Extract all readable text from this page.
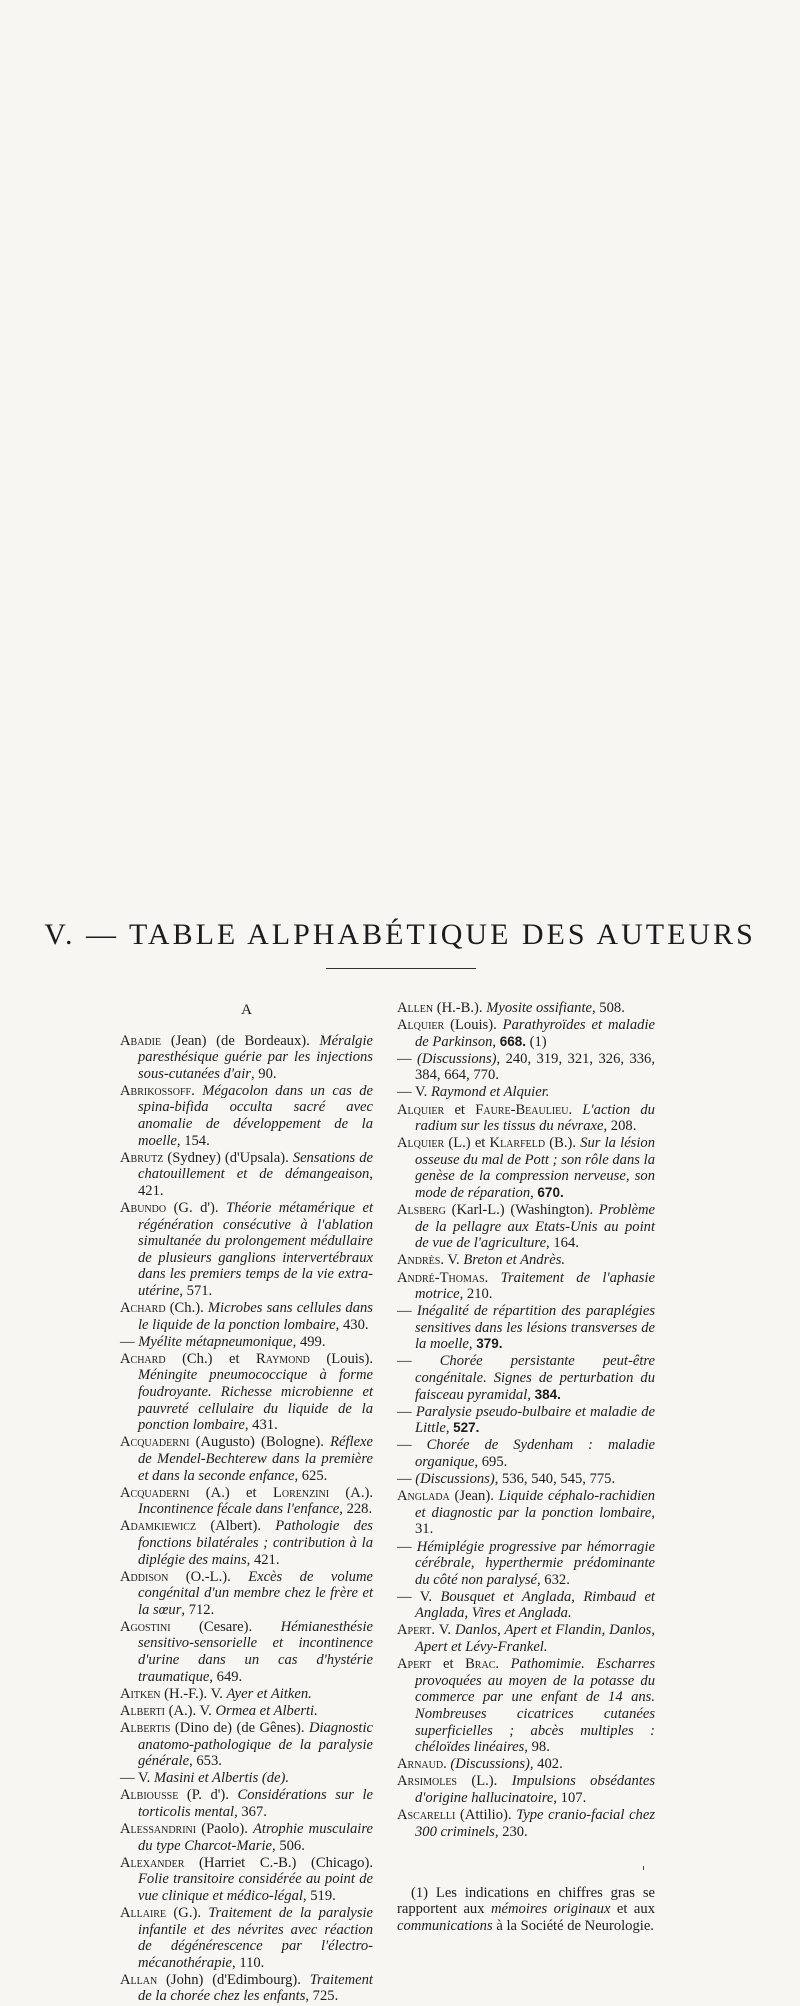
V. — TABLE ALPHABÉTIQUE DES AUTEURS
A

Abadie (Jean) (de Bordeaux). Méralgie paresthésique guérie par les injections sous-cutanées d'air, 90.

Abrikossoff. Mégacolon dans un cas de spina-bifida occulta sacré avec anomalie de développement de la moelle, 154.

Abrutz (Sydney) (d'Upsala). Sensations de chatouillement et de démangeaison, 421.

Abundo (G. d'). Théorie métamérique et régénération consécutive à l'ablation simultanée du prolongement médullaire de plusieurs ganglions intervertébraux dans les premiers temps de la vie extra-utérine, 571.

Achard (Ch.). Microbes sans cellules dans le liquide de la ponction lombaire, 430.

— Myélite métapneumonique, 499.

Achard (Ch.) et Raymond (Louis). Méningite pneumococcique à forme foudroyante. Richesse microbienne et pauvreté cellulaire du liquide de la ponction lombaire, 431.

Acquaderni (Augusto) (Bologne). Réflexe de Mendel-Bechterew dans la première et dans la seconde enfance, 625.

Acquaderni (A.) et Lorenzini (A.). Incontinence fécale dans l'enfance, 228.

Adamkiewicz (Albert). Pathologie des fonctions bilatérales ; contribution à la diplégie des mains, 421.

Addison (O.-L.). Excès de volume congénital d'un membre chez le frère et la sœur, 712.

Agostini (Cesare). Hémianesthésie sensitivo-sensorielle et incontinence d'urine dans un cas d'hystérie traumatique, 649.

Aitken (H.-F.). V. Ayer et Aitken.

Alberti (A.). V. Ormea et Alberti.

Albertis (Dino de) (de Gênes). Diagnostic anatomo-pathologique de la paralysie générale, 653.

— V. Masini et Albertis (de).

Albiousse (P. d'). Considérations sur le torticolis mental, 367.

Alessandrini (Paolo). Atrophie musculaire du type Charcot-Marie, 506.

Alexander (Harriet C.-B.) (Chicago). Folie transitoire considérée au point de vue clinique et médico-légal, 519.

Allaire (G.). Traitement de la paralysie infantile et des névrites avec réaction de dégénérescence par l'électro-mécanothérapie, 110.

Allan (John) (d'Edimbourg). Traitement de la chorée chez les enfants, 725.

Allen (H.-B.). Myosite ossifiante, 508.

Alquier (Louis). Parathyroïdes et maladie de Parkinson, 668. (1)

— (Discussions), 240, 319, 321, 326, 336, 384, 664, 770.

— V. Raymond et Alquier.

Alquier et Faure-Beaulieu. L'action du radium sur les tissus du névraxe, 208.

Alquier (L.) et Klarfeld (B.). Sur la lésion osseuse du mal de Pott ; son rôle dans la genèse de la compression nerveuse, son mode de réparation, 670.

Alsberg (Karl-L.) (Washington). Problème de la pellagre aux Etats-Unis au point de vue de l'agriculture, 164.

Andrès. V. Breton et Andrès.

André-Thomas. Traitement de l'aphasie motrice, 210.

— Inégalité de répartition des paraplégies sensitives dans les lésions transverses de la moelle, 379.

— Chorée persistante peut-être congénitale. Signes de perturbation du faisceau pyramidal, 384.

— Paralysie pseudo-bulbaire et maladie de Little, 527.

— Chorée de Sydenham : maladie organique, 695.

— (Discussions), 536, 540, 545, 775.

Anglada (Jean). Liquide céphalo-rachidien et diagnostic par la ponction lombaire, 31.

— Hémiplégie progressive par hémorragie cérébrale, hyperthermie prédominante du côté non paralysé, 632.

— V. Bousquet et Anglada, Rimbaud et Anglada, Vires et Anglada.

Apert. V. Danlos, Apert et Flandin, Danlos, Apert et Lévy-Frankel.

Apert et Brac. Pathomimie. Escharres provoquées au moyen de la potasse du commerce par une enfant de 14 ans. Nombreuses cicatrices cutanées superficielles ; abcès multiples : chéloïdes linéaires, 98.

Arnaud. (Discussions), 402.

Arsimoles (L.). Impulsions obsédantes d'origine hallucinatoire, 107.

Ascarelli (Attilio). Type cranio-facial chez 300 criminels, 230.

(1) Les indications en chiffres gras se rapportent aux mémoires originaux et aux communications à la Société de Neurologie.
